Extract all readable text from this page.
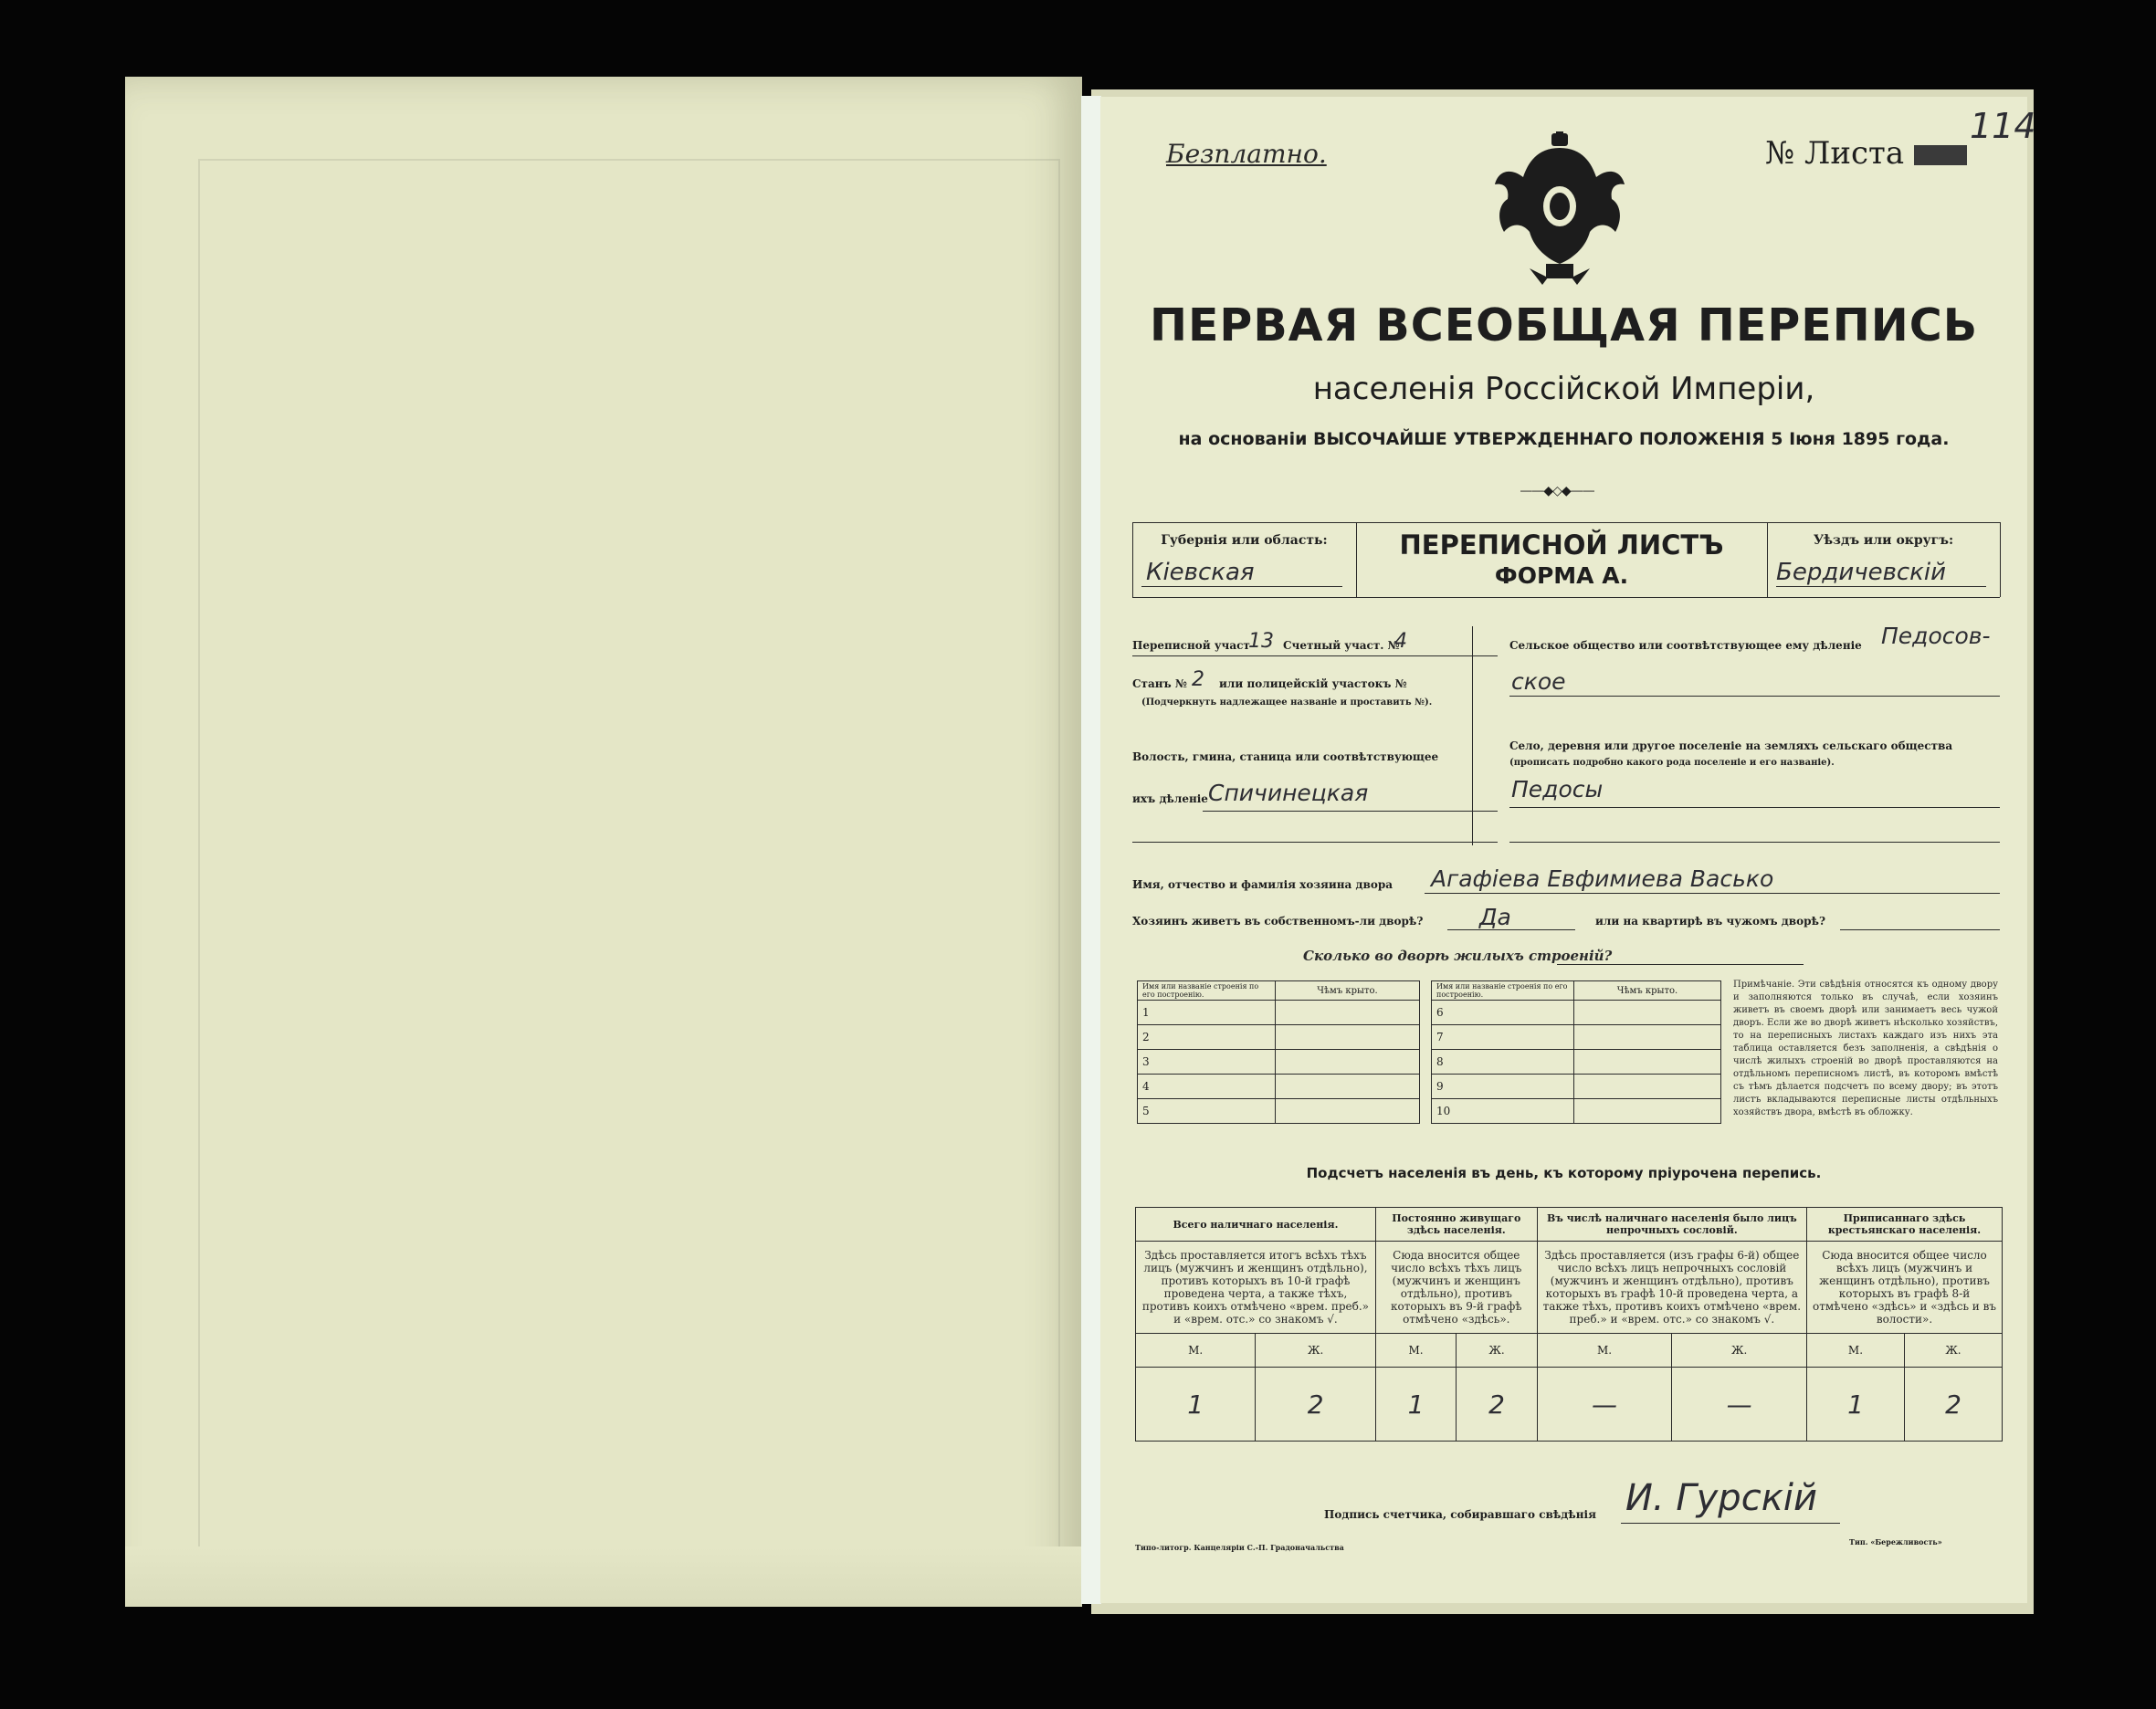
Безплатно.	№ Листа
114
ПЕРВАЯ ВСЕОБЩАЯ ПЕРЕПИСЬ
населенія Россійской Имперіи,
на основаніи ВЫСОЧАЙШЕ УТВЕРЖДЕННАГО ПОЛОЖЕНІЯ 5 Іюня 1895 года.
——◆◇◆——
Губернія или область:
Кіевская
ПЕРЕПИСНОЙ ЛИСТЪ
ФОРМА А.
Уѣздъ или округъ:
Бердичевскій
Переписной участ
13 Счетный участ. №
4
Станъ № 2 или полицейскій участокъ №
(Подчеркнуть надлежащее названіе и проставить №).
Волость, гмина, станица или соотвѣтствующее
ихъ дѣленіе Спичинецкая
Сельское общество или соотвѣтствующее ему дѣленіе Педосов-
ское
Село, деревня или другое поселеніе на земляхъ сельскаго общества
(прописать подробно какого рода поселеніе и его названіе).
Педосы
Имя, отчество и фамилія хозяина двора Агафіева Евфимиева Васько
Хозяинъ живетъ въ собственномъ-ли дворѣ? Да	или на квартирѣ въ чужомъ дворѣ?
Сколько во дворѣ жилыхъ строеній?
Имя или названіе строенія по его построенію.	Чѣмъ крыто.
1	
2	
3	
4	
5	
Имя или названіе строенія по его построенію.	Чѣмъ крыто.
6	
7	
8	
9	
10	
Примѣчаніе. Эти свѣдѣнія относятся къ одному двору и заполняются только въ случаѣ, если хозяинъ живетъ въ своемъ дворѣ или занимаетъ весь чужой дворъ. Если же во дворѣ живетъ нѣсколько хозяйствъ, то на переписныхъ листахъ каждаго изъ нихъ эта таблица оставляется безъ заполненія, а свѣдѣнія о числѣ жилыхъ строеній во дворѣ проставляются на отдѣльномъ переписномъ листѣ, въ которомъ вмѣстѣ съ тѣмъ дѣлается подсчетъ по всему двору; въ этотъ листъ вкладываются переписные листы отдѣльныхъ хозяйствъ двора, вмѣстѣ въ обложку.
Подсчетъ населенія въ день, къ которому пріурочена перепись.
Всего наличнаго населенія.		Постоянно живущаго здѣсь населенія.		Въ числѣ наличнаго населенія было лицъ непрочныхъ сословій.		Приписаннаго здѣсь крестьянскаго населенія.	
Здѣсь проставляется итогъ всѣхъ тѣхъ лицъ (мужчинъ и женщинъ отдѣльно), противъ которыхъ въ 10-й графѣ проведена черта, а также тѣхъ, противъ коихъ отмѣчено «врем. преб.» и «врем. отс.» со знакомъ √.		Сюда вносится общее число всѣхъ тѣхъ лицъ (мужчинъ и женщинъ отдѣльно), противъ которыхъ въ 9-й графѣ отмѣчено «здѣсь».		Здѣсь проставляется (изъ графы 6-й) общее число всѣхъ лицъ непрочныхъ сословій (мужчинъ и женщинъ отдѣльно), противъ которыхъ въ графѣ 10-й проведена черта, а также тѣхъ, противъ коихъ отмѣчено «врем. преб.» и «врем. отс.» со знакомъ √.		Сюда вносится общее число всѣхъ лицъ (мужчинъ и женщинъ отдѣльно), противъ которыхъ въ графѣ 8-й отмѣчено «здѣсь» и «здѣсь и въ волости».	
М.	Ж.	М.	Ж.	М.	Ж.	М.	Ж.
1	2	1	2	—	—	1	2
Подпись счетчика, собиравшаго свѣдѣнія И. Гурскій
Типо-литогр. Канцеляріи С.-П. Градоначальства
Тип. «Бережливость»
